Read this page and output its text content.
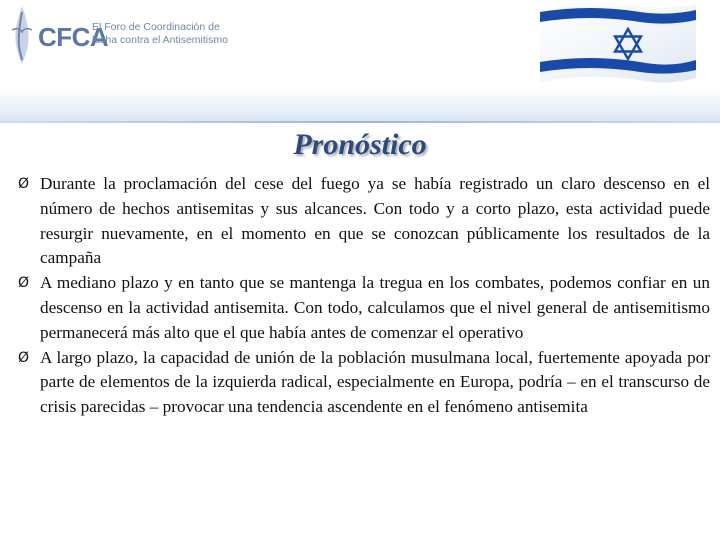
CFCA
El Foro de Coordinación de
lucha contra el Antisemitismo
Pronóstico
Ø Durante la proclamación del cese del fuego ya se había registrado un claro descenso en el número de hechos antisemitas y sus alcances. Con todo y a corto plazo, esta actividad puede resurgir nuevamente, en el momento en que se conozcan públicamente los resultados de la campaña
Ø A mediano plazo y en tanto que se mantenga la tregua en los combates, podemos confiar en un descenso en la actividad antisemita. Con todo, calculamos que el nivel general de antisemitismo permanecerá más alto que el que había antes de comenzar el operativo
Ø A largo plazo, la capacidad de unión de la población musulmana local, fuertemente apoyada por parte de elementos de la izquierda radical, especialmente en Europa, podría – en el transcurso de crisis parecidas – provocar una tendencia ascendente en el fenómeno antisemita
